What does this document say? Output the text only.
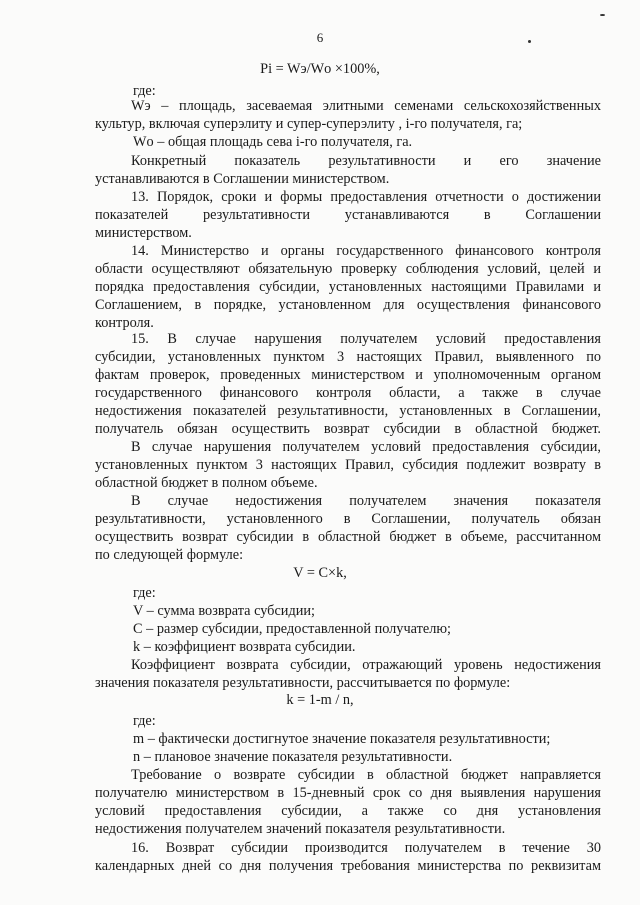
6
Pi = Wэ/Wо ×100%,
где:
Wэ – площадь, засеваемая элитными семенами сельскохозяйственных
культур, включая суперэлиту и супер-суперэлиту , i-го получателя, га;
Wо – общая площадь сева i-го получателя, га.
Конкретный показатель результативности и его значение
устанавливаются в Соглашении министерством.
13. Порядок, сроки и формы предоставления отчетности о достижении
показателей результативности устанавливаются в Соглашении
министерством.
14. Министерство и органы государственного финансового контроля
области осуществляют обязательную проверку соблюдения условий, целей и
порядка предоставления субсидии, установленных настоящими Правилами и
Соглашением, в порядке, установленном для осуществления финансового
контроля.
15. В случае нарушения получателем условий предоставления
субсидии, установленных пунктом 3 настоящих Правил, выявленного по
фактам проверок, проведенных министерством и уполномоченным органом
государственного финансового контроля области, а также в случае
недостижения показателей результативности, установленных в Соглашении,
получатель обязан осуществить возврат субсидии в областной бюджет.
В случае нарушения получателем условий предоставления субсидии,
установленных пунктом 3 настоящих Правил, субсидия подлежит возврату в
областной бюджет в полном объеме.
В случае недостижения получателем значения показателя
результативности, установленного в Соглашении, получатель обязан
осуществить возврат субсидии в областной бюджет в объеме, рассчитанном
по следующей формуле:
V = C×k,
где:
V – сумма возврата субсидии;
C – размер субсидии, предоставленной получателю;
k – коэффициент возврата субсидии.
Коэффициент возврата субсидии, отражающий уровень недостижения
значения показателя результативности, рассчитывается по формуле:
k = 1-m / n,
где:
m – фактически достигнутое значение показателя результативности;
n – плановое значение показателя результативности.
Требование о возврате субсидии в областной бюджет направляется
получателю министерством в 15-дневный срок со дня выявления нарушения
условий предоставления субсидии, а также со дня установления
недостижения получателем значений показателя результативности.
16. Возврат субсидии производится получателем в течение 30
календарных дней со дня получения требования министерства по реквизитам
